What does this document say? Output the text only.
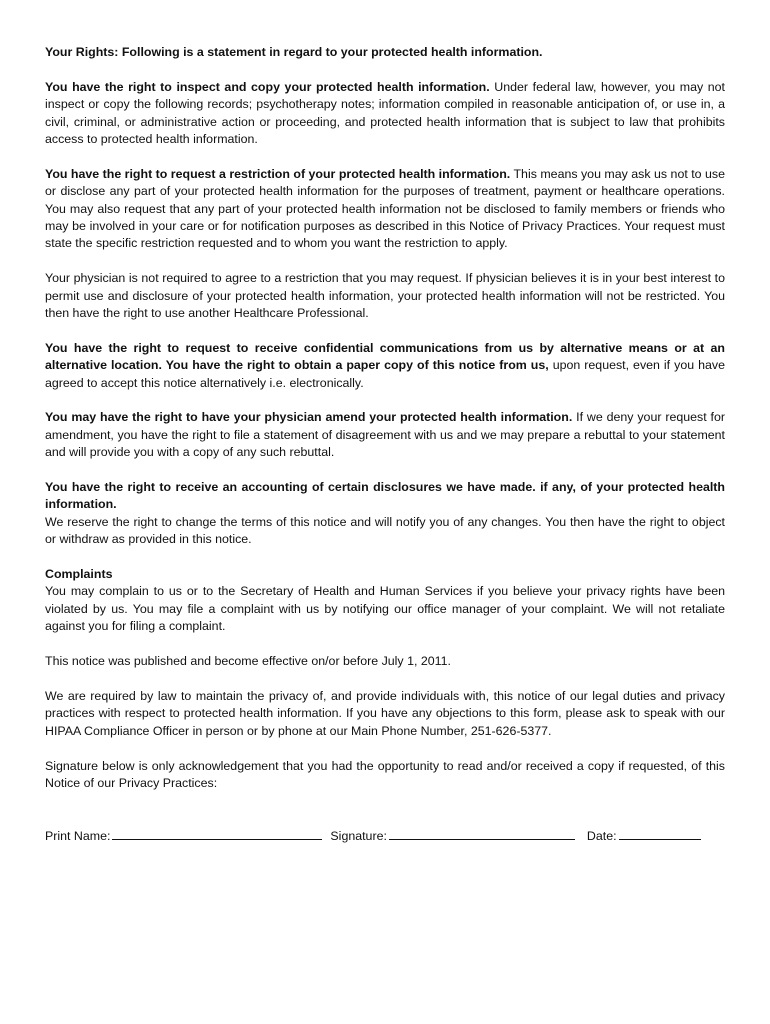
Your Rights: Following is a statement in regard to your protected health information.

You have the right to inspect and copy your protected health information. Under federal law, however, you may not inspect or copy the following records; psychotherapy notes; information compiled in reasonable anticipation of, or use in, a civil, criminal, or administrative action or proceeding, and protected health information that is subject to law that prohibits access to protected health information.

You have the right to request a restriction of your protected health information. This means you may ask us not to use or disclose any part of your protected health information for the purposes of treatment, payment or healthcare operations. You may also request that any part of your protected health information not be disclosed to family members or friends who may be involved in your care or for notification purposes as described in this Notice of Privacy Practices. Your request must state the specific restriction requested and to whom you want the restriction to apply.

Your physician is not required to agree to a restriction that you may request. If physician believes it is in your best interest to permit use and disclosure of your protected health information, your protected health information will not be restricted. You then have the right to use another Healthcare Professional.

You have the right to request to receive confidential communications from us by alternative means or at an alternative location. You have the right to obtain a paper copy of this notice from us, upon request, even if you have agreed to accept this notice alternatively i.e. electronically.

You may have the right to have your physician amend your protected health information. If we deny your request for amendment, you have the right to file a statement of disagreement with us and we may prepare a rebuttal to your statement and will provide you with a copy of any such rebuttal.

You have the right to receive an accounting of certain disclosures we have made. if any, of your protected health information.
We reserve the right to change the terms of this notice and will notify you of any changes. You then have the right to object or withdraw as provided in this notice.

Complaints
You may complain to us or to the Secretary of Health and Human Services if you believe your privacy rights have been violated by us. You may file a complaint with us by notifying our office manager of your complaint. We will not retaliate against you for filing a complaint.

This notice was published and become effective on/or before July 1, 2011.

We are required by law to maintain the privacy of, and provide individuals with, this notice of our legal duties and privacy practices with respect to protected health information. If you have any objections to this form, please ask to speak with our HIPAA Compliance Officer in person or by phone at our Main Phone Number, 251-626-5377.

Signature below is only acknowledgement that you had the opportunity to read and/or received a copy if requested, of this Notice of our Privacy Practices:

Print Name:	Signature:	Date:
